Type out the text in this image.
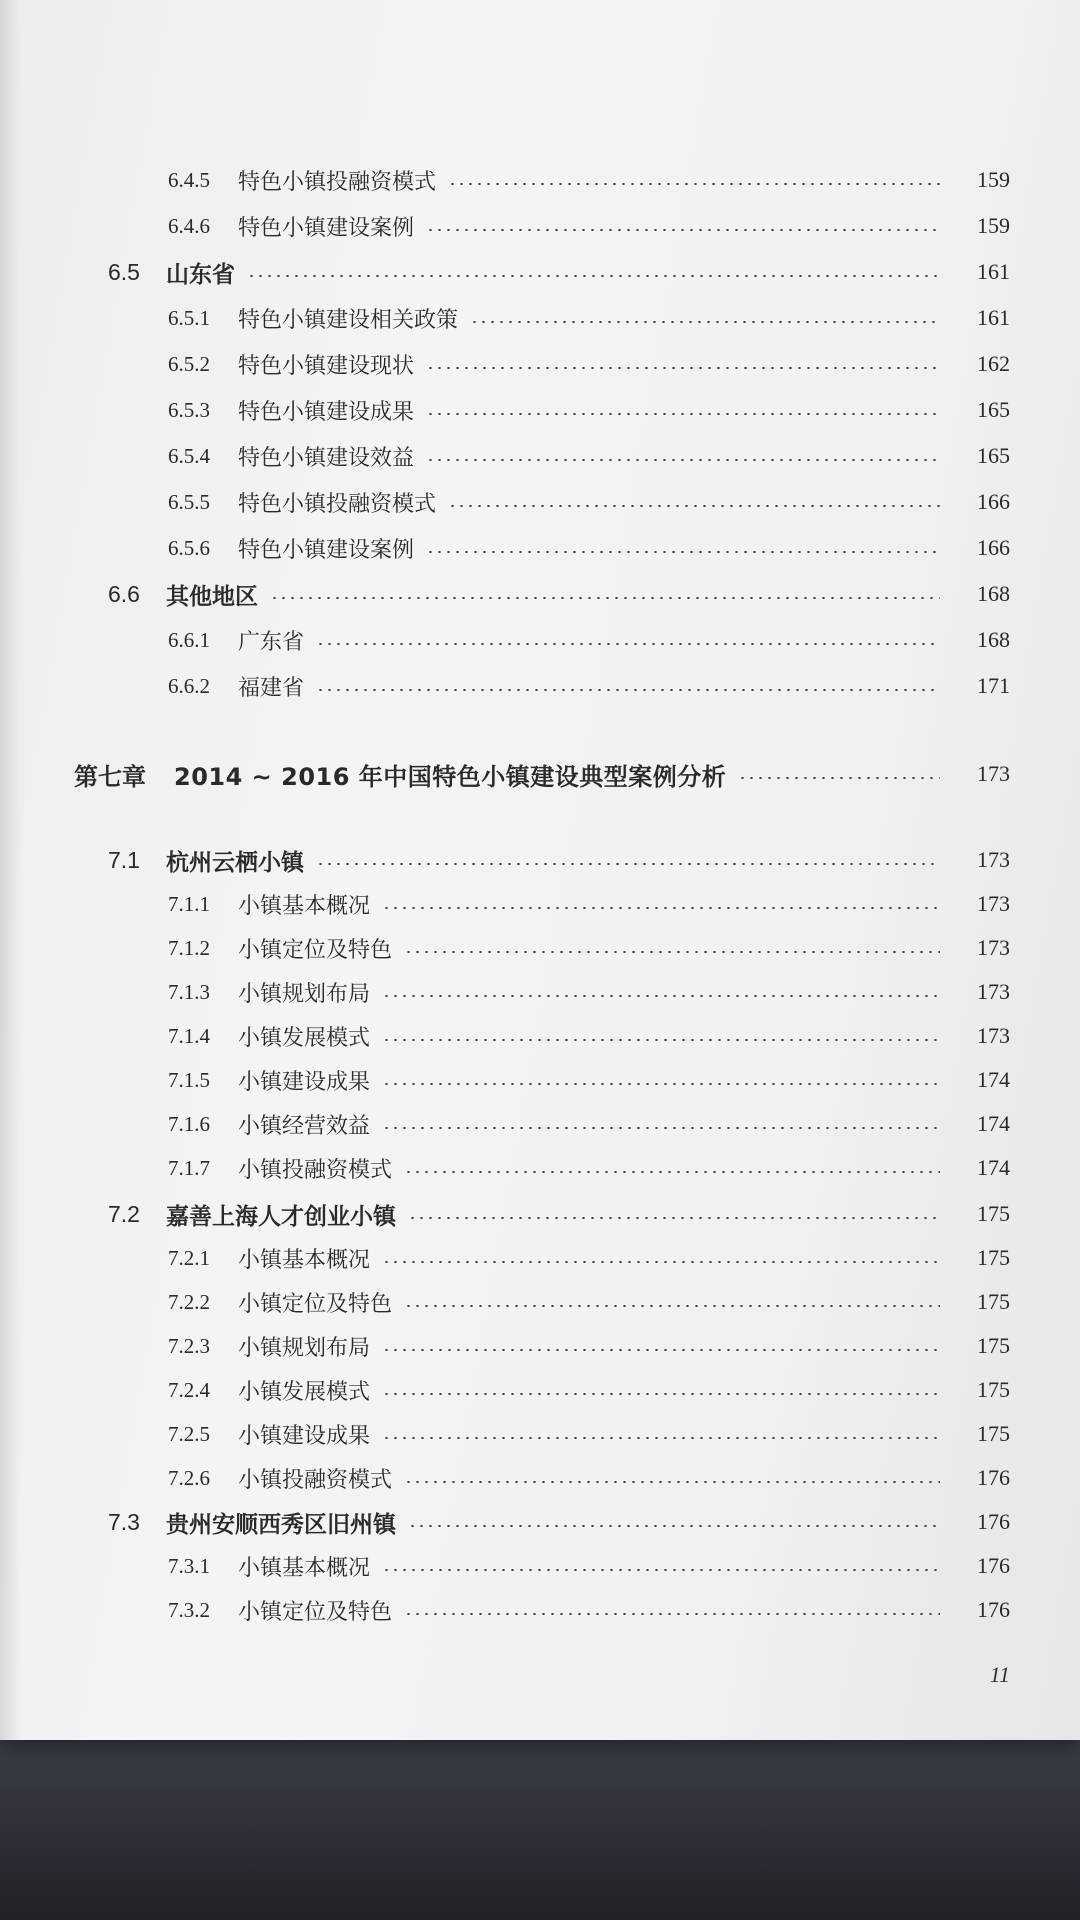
6.4.5	特色小镇投融资模式	159
6.4.6	特色小镇建设案例	159
6.5	山东省	161
6.5.1	特色小镇建设相关政策	161
6.5.2	特色小镇建设现状	162
6.5.3	特色小镇建设成果	165
6.5.4	特色小镇建设效益	165
6.5.5	特色小镇投融资模式	166
6.5.6	特色小镇建设案例	166
6.6	其他地区	168
6.6.1	广东省	168
6.6.2	福建省	171
第七章	2014 ~ 2016 年中国特色小镇建设典型案例分析	173
7.1	杭州云栖小镇	173
7.1.1	小镇基本概况	173
7.1.2	小镇定位及特色	173
7.1.3	小镇规划布局	173
7.1.4	小镇发展模式	173
7.1.5	小镇建设成果	174
7.1.6	小镇经营效益	174
7.1.7	小镇投融资模式	174
7.2	嘉善上海人才创业小镇	175
7.2.1	小镇基本概况	175
7.2.2	小镇定位及特色	175
7.2.3	小镇规划布局	175
7.2.4	小镇发展模式	175
7.2.5	小镇建设成果	175
7.2.6	小镇投融资模式	176
7.3	贵州安顺西秀区旧州镇	176
7.3.1	小镇基本概况	176
7.3.2	小镇定位及特色	176
11
